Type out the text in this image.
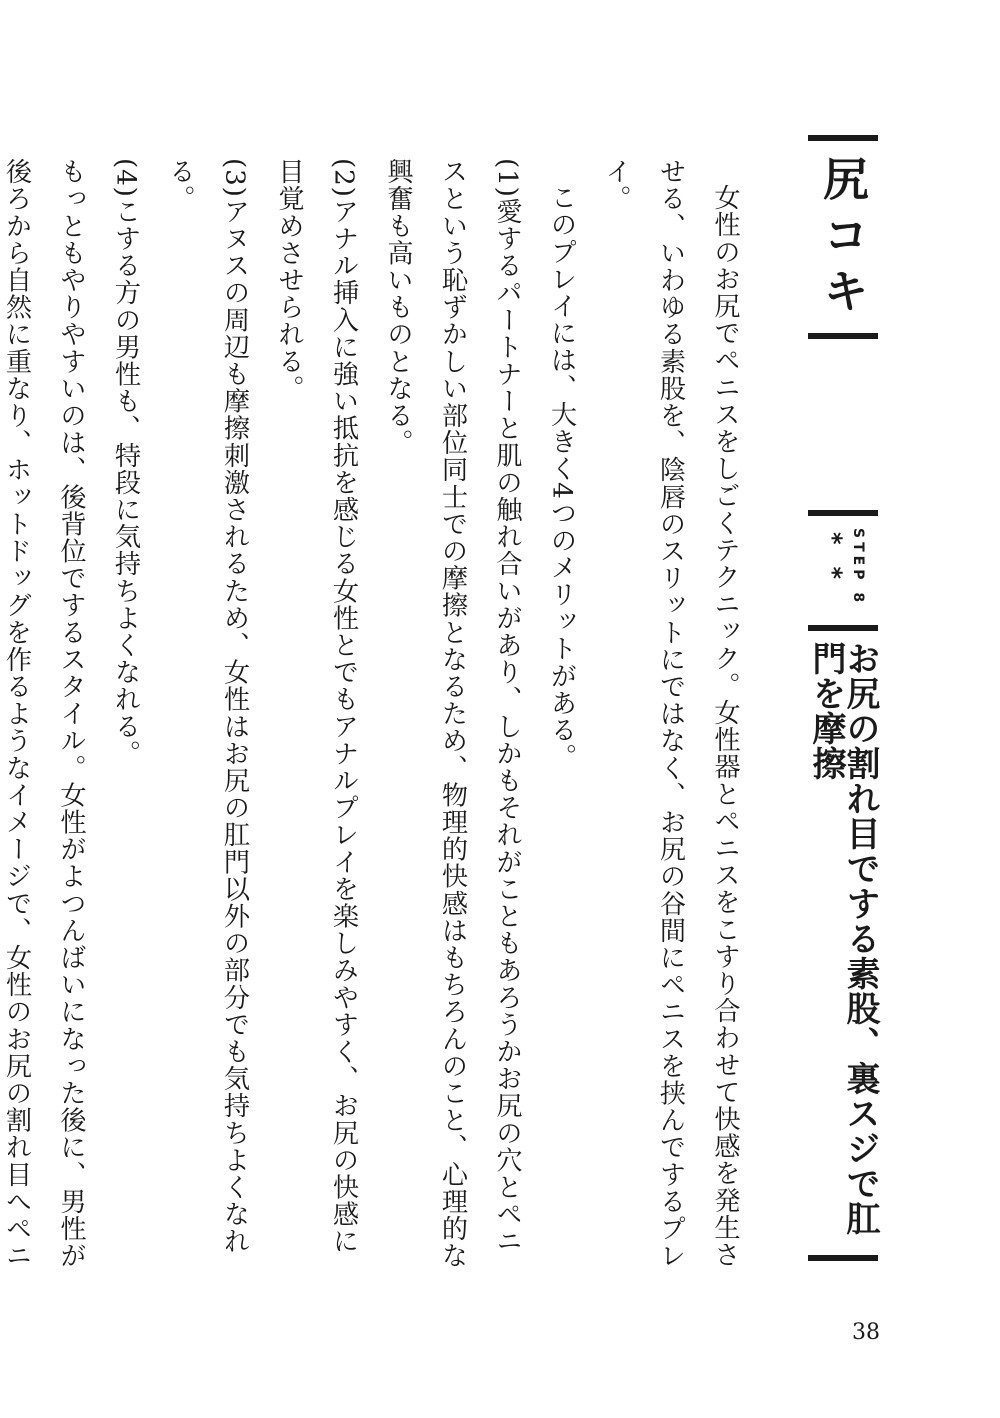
尻コキ
** STEP 8
お尻の割れ目でする素股、裏スジで肛門を摩擦

女性のお尻でペニスをしごくテクニック。女性器とペニスをこすり合わせて快感を発生させる、いわゆる素股を、陰唇のスリットにではなく、お尻の谷間にペニスを挟んでするプレイ。

このプレイには、大きく4つのメリットがある。

(1)愛するパートナーと肌の触れ合いがあり、しかもそれがこともあろうかお尻の穴とペニスという恥ずかしい部位同士での摩擦となるため、物理的快感はもちろんのこと、心理的な興奮も高いものとなる。

(2)アナル挿入に強い抵抗を感じる女性とでもアナルプレイを楽しみやすく、お尻の快感に目覚めさせられる。

(3)アヌスの周辺も摩擦刺激されるため、女性はお尻の肛門以外の部分でも気持ちよくなれる。

(4)こする方の男性も、特段に気持ちよくなれる。

もっともやりやすいのは、後背位でするスタイル。女性がよつんばいになった後に、男性が後ろから自然に重なり、ホットドッグを作るようなイメージで、女性のお尻の割れ目へペニ

38
